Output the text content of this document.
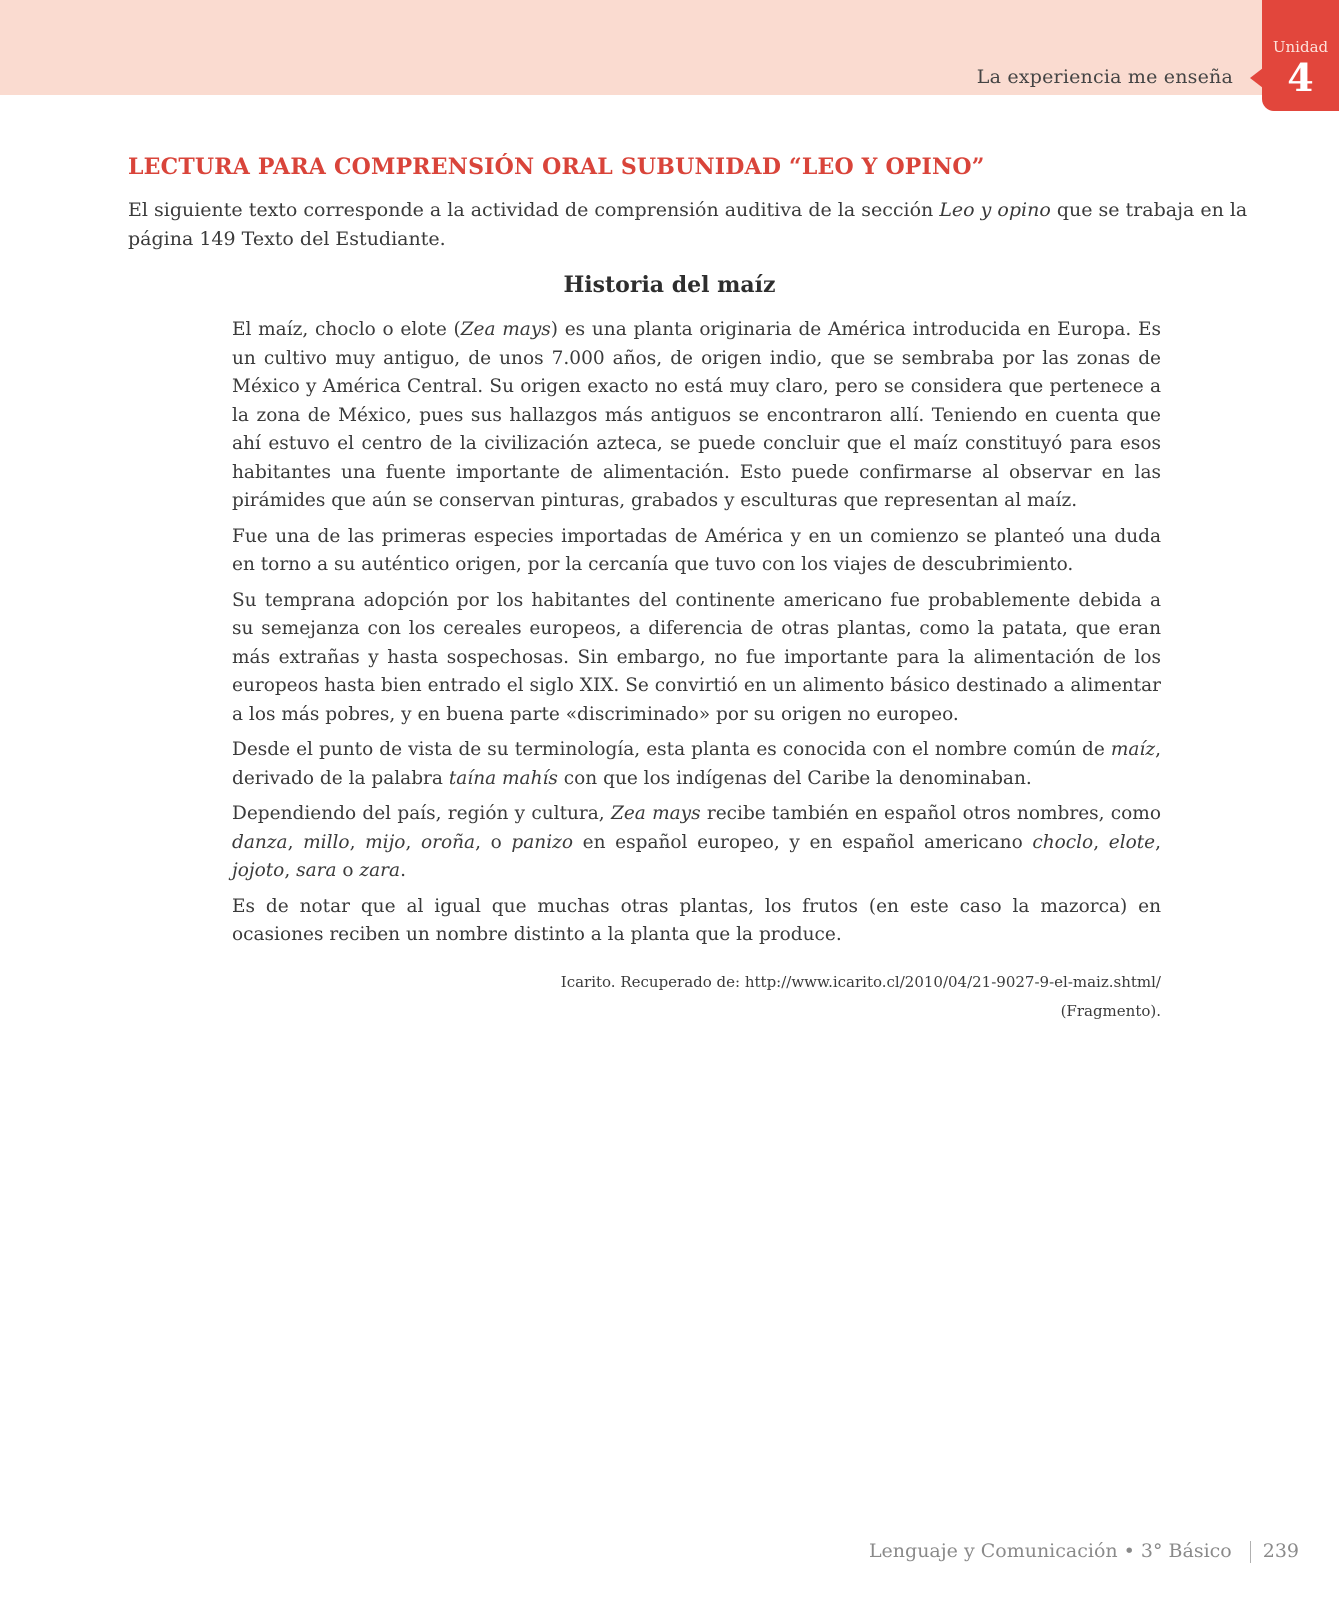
La experiencia me enseña
Unidad
4
LECTURA PARA COMPRENSIÓN ORAL SUBUNIDAD “LEO Y OPINO”

El siguiente texto corresponde a la actividad de comprensión auditiva de la sección Leo y opino que se trabaja en la página 149 Texto del Estudiante.

Historia del maíz

El maíz, choclo o elote (Zea mays) es una planta originaria de América introducida en Europa. Es un cultivo muy antiguo, de unos 7.000 años, de origen indio, que se sembraba por las zonas de México y América Central. Su origen exacto no está muy claro, pero se considera que pertenece a la zona de México, pues sus hallazgos más antiguos se encontraron allí. Teniendo en cuenta que ahí estuvo el centro de la civilización azteca, se puede concluir que el maíz constituyó para esos habitantes una fuente importante de alimentación. Esto puede confirmarse al observar en las pirámides que aún se conservan pinturas, grabados y esculturas que representan al maíz.

Fue una de las primeras especies importadas de América y en un comienzo se planteó una duda en torno a su auténtico origen, por la cercanía que tuvo con los viajes de descubrimiento.

Su temprana adopción por los habitantes del continente americano fue probablemente debida a su semejanza con los cereales europeos, a diferencia de otras plantas, como la patata, que eran más extrañas y hasta sospechosas. Sin embargo, no fue importante para la alimentación de los europeos hasta bien entrado el siglo XIX. Se convirtió en un alimento básico destinado a alimentar a los más pobres, y en buena parte «discriminado» por su origen no europeo.

Desde el punto de vista de su terminología, esta planta es conocida con el nombre común de maíz, derivado de la palabra taína mahís con que los indígenas del Caribe la denominaban.

Dependiendo del país, región y cultura, Zea mays recibe también en español otros nombres, como danza, millo, mijo, oroña, o panizo en español europeo, y en español americano choclo, elote, jojoto, sara o zara.

Es de notar que al igual que muchas otras plantas, los frutos (en este caso la mazorca) en ocasiones reciben un nombre distinto a la planta que la produce.

Icarito. Recuperado de: http://www.icarito.cl/2010/04/21-9027-9-el-maiz.shtml/
(Fragmento).
Lenguaje y Comunicación • 3° Básico 239
